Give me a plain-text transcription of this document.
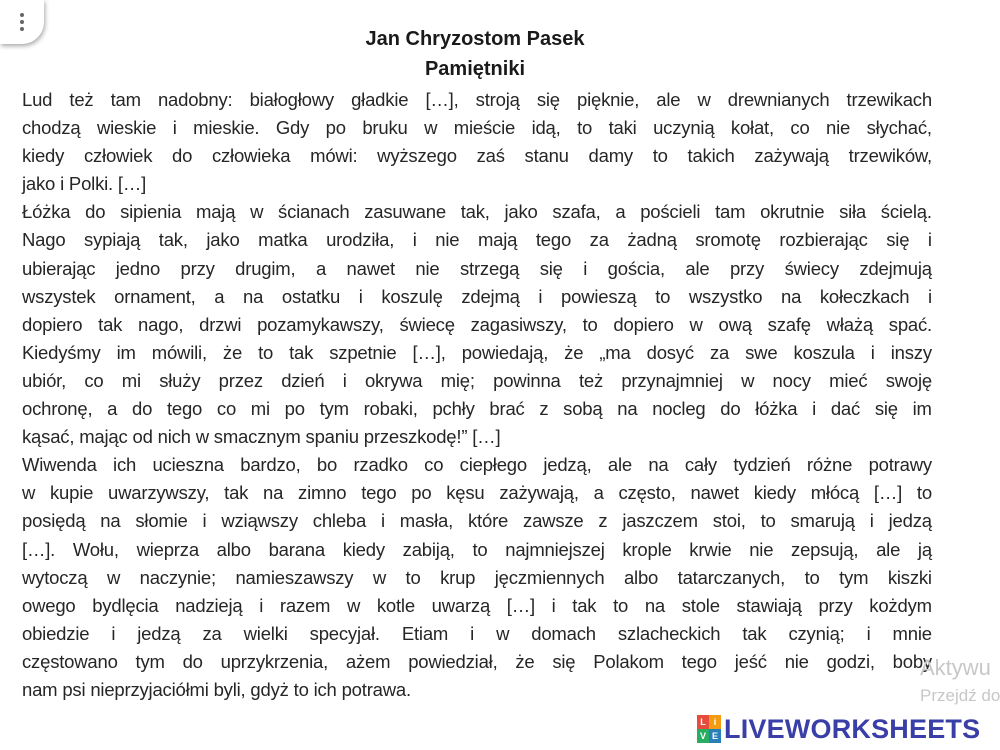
Jan Chryzostom Pasek
Pamiętniki
Lud też tam nadobny: białogłowy gładkie […], stroją się pięknie, ale w drewnianych trzewikach
chodzą wieskie i mieskie. Gdy po bruku w mieście idą, to taki uczynią kołat, co nie słychać,
kiedy człowiek do człowieka mówi: wyższego zaś stanu damy to takich zażywają trzewików,
jako i Polki. […]
Łóżka do sipienia mają w ścianach zasuwane tak, jako szafa, a pościeli tam okrutnie siła ścielą.
Nago sypiają tak, jako matka urodziła, i nie mają tego za żadną sromotę rozbierając się i
ubierając jedno przy drugim, a nawet nie strzegą się i gościa, ale przy świecy zdejmują
wszystek ornament, a na ostatku i koszulę zdejmą i powieszą to wszystko na kołeczkach i
dopiero tak nago, drzwi pozamykawszy, świecę zagasiwszy, to dopiero w ową szafę włażą spać.
Kiedyśmy im mówili, że to tak szpetnie […], powiedają, że „ma dosyć za swe koszula i inszy
ubiór, co mi służy przez dzień i okrywa mię; powinna też przynajmniej w nocy mieć swoję
ochronę, a do tego co mi po tym robaki, pchły brać z sobą na nocleg do łóżka i dać się im
kąsać, mając od nich w smacznym spaniu przeszkodę!” […]
Wiwenda ich ucieszna bardzo, bo rzadko co ciepłego jedzą, ale na cały tydzień różne potrawy
w kupie uwarzywszy, tak na zimno tego po kęsu zażywają, a często, nawet kiedy młócą […] to
posiędą na słomie i wziąwszy chleba i masła, które zawsze z jaszczem stoi, to smarują i jedzą
[…]. Wołu, wieprza albo barana kiedy zabiją, to najmniejszej krople krwie nie zepsują, ale ją
wytoczą w naczynie; namieszawszy w to krup jęczmiennych albo tatarczanych, to tym kiszki
owego bydlęcia nadzieją i razem w kotle uwarzą […] i tak to na stole stawiają przy kożdym
obiedzie i jedzą za wielki specyjał. Etiam i w domach szlacheckich tak czynią; i mnie
częstowano tym do uprzykrzenia, ażem powiedział, że się Polakom tego jeść nie godzi, boby
nam psi nieprzyjaciółmi byli, gdyż to ich potrawa.
Aktywu
Przejdź do
L i
V E LIVEWORKSHEETS
